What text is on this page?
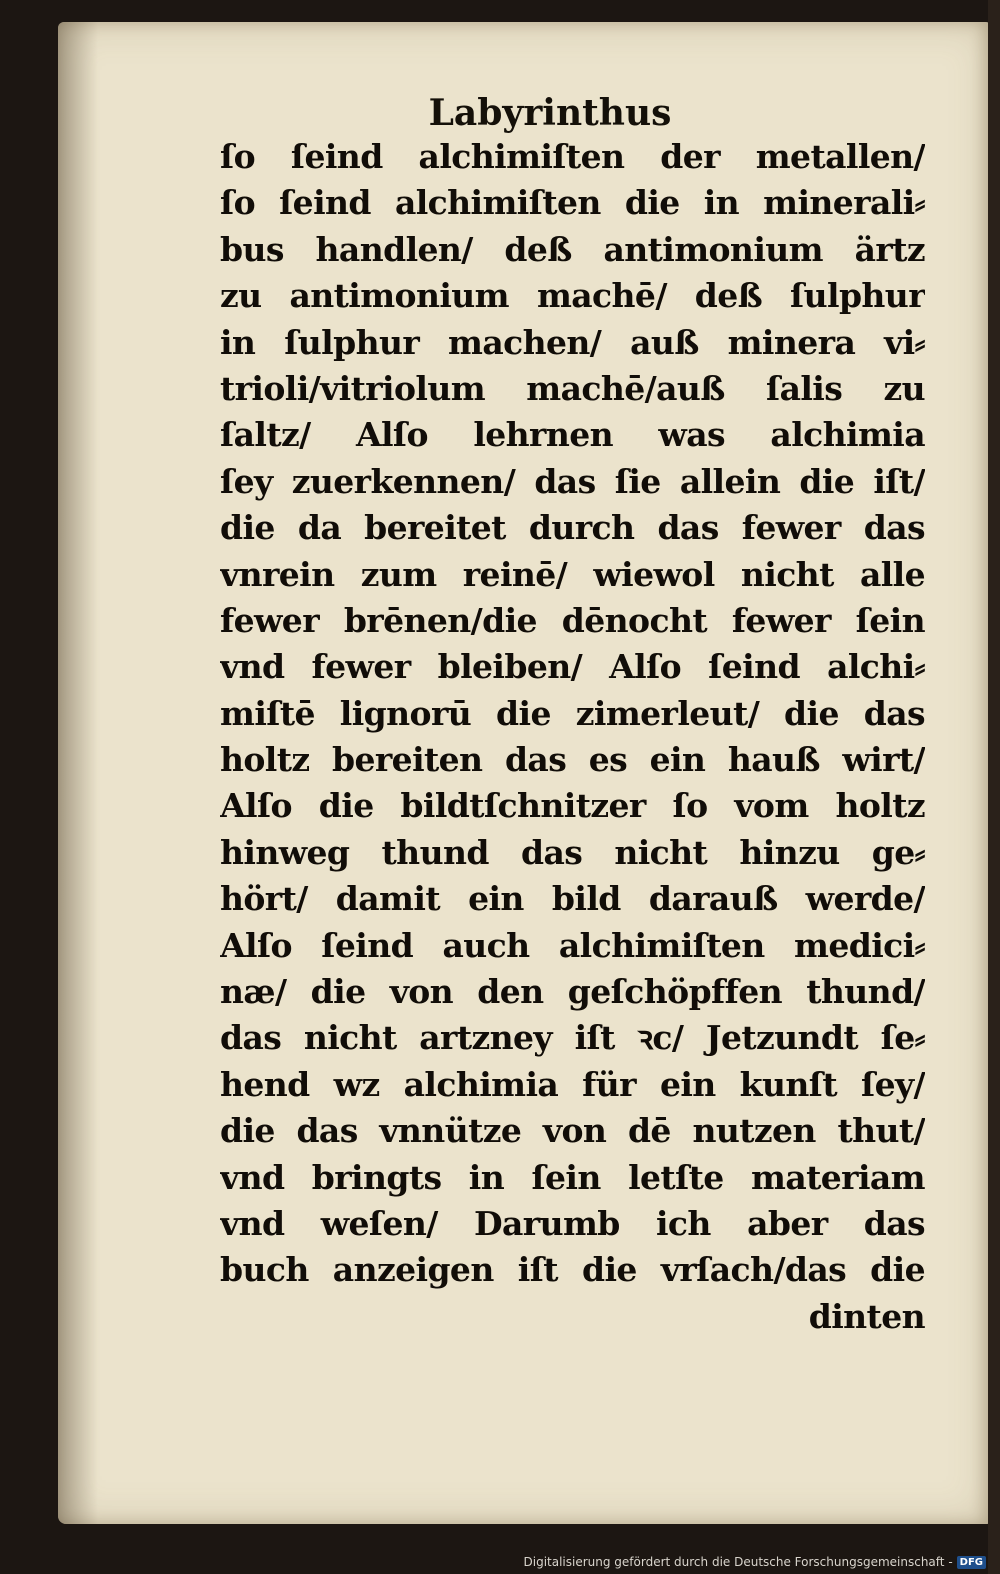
Labyrinthus
ſo ſeind alchimiſten der metallen/
ſo ſeind alchimiſten die in minerali⸗
bus handlen/ deß antimonium ärtz
zu antimonium machē/ deß ſulphur
in ſulphur machen/ auß minera vi⸗
trioli/vitriolum machē/auß ſalis zu
ſaltz/ Alſo lehrnen was alchimia
ſey zuerkennen/ das ſie allein die iſt/
die da bereitet durch das fewer das
vnrein zum reinē/ wiewol nicht alle
fewer brēnen/die dēnocht fewer ſein
vnd fewer bleiben/ Alſo ſeind alchi⸗
miſtē lignorū die zimerleut/ die das
holtz bereiten das es ein hauß wirt/
Alſo die bildtſchnitzer ſo vom holtz
hinweg thund das nicht hinzu ge⸗
hört/ damit ein bild darauß werde/
Alſo ſeind auch alchimiſten medici⸗
næ/ die von den geſchöpffen thund/
das nicht artzney iſt ꝛc/ Jetzundt ſe⸗
hend wz alchimia für ein kunſt ſey/
die das vnnütze von dē nutzen thut/
vnd bringts in ſein letſte materiam
vnd weſen/ Darumb ich aber das
buch anzeigen iſt die vrſach/das die
dinten
Digitalisierung gefördert durch die Deutsche Forschungsgemeinschaft - DFG
